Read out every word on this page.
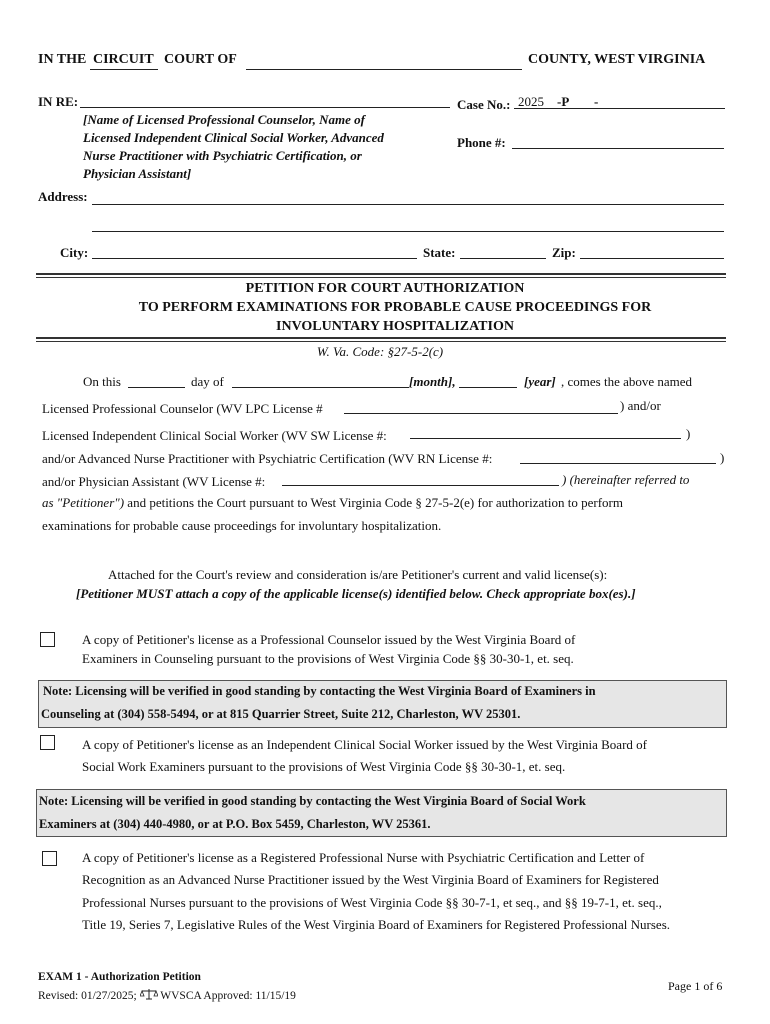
IN THE CIRCUIT COURT OF	COUNTY, WEST VIRGINIA
IN RE:
[Name of Licensed Professional Counselor, Name of
Licensed Independent Clinical Social Worker, Advanced
Nurse Practitioner with Psychiatric Certification, or
Physician Assistant]
Case No.: 2025 -P -
Phone #:
Address:
City:	State:	Zip:
PETITION FOR COURT AUTHORIZATION
TO PERFORM EXAMINATIONS FOR PROBABLE CAUSE PROCEEDINGS FOR
INVOLUNTARY HOSPITALIZATION
W. Va. Code: §27-5-2(c)
On this	day of	[month],	[year] , comes the above named
Licensed Professional Counselor (WV LPC License #	) and/or
Licensed Independent Clinical Social Worker (WV SW License #:	)
and/or Advanced Nurse Practitioner with Psychiatric Certification (WV RN License #:	)
and/or Physician Assistant (WV License #:	) (hereinafter referred to
as "Petitioner") and petitions the Court pursuant to West Virginia Code § 27-5-2(e) for authorization to perform
examinations for probable cause proceedings for involuntary hospitalization.
Attached for the Court's review and consideration is/are Petitioner's current and valid license(s):
[Petitioner MUST attach a copy of the applicable license(s) identified below. Check appropriate box(es).]
A copy of Petitioner's license as a Professional Counselor issued by the West Virginia Board of
Examiners in Counseling pursuant to the provisions of West Virginia Code §§ 30-30-1, et. seq.
Note: Licensing will be verified in good standing by contacting the West Virginia Board of Examiners in
Counseling at (304) 558-5494, or at 815 Quarrier Street, Suite 212, Charleston, WV 25301.
A copy of Petitioner's license as an Independent Clinical Social Worker issued by the West Virginia Board of
Social Work Examiners pursuant to the provisions of West Virginia Code §§ 30-30-1, et. seq.
Note: Licensing will be verified in good standing by contacting the West Virginia Board of Social Work
Examiners at (304) 440-4980, or at P.O. Box 5459, Charleston, WV 25361.
A copy of Petitioner's license as a Registered Professional Nurse with Psychiatric Certification and Letter of
Recognition as an Advanced Nurse Practitioner issued by the West Virginia Board of Examiners for Registered
Professional Nurses pursuant to the provisions of West Virginia Code §§ 30-7-1, et seq., and §§ 19-7-1, et. seq.,
Title 19, Series 7, Legislative Rules of the West Virginia Board of Examiners for Registered Professional Nurses.
EXAM 1 - Authorization Petition
Revised: 01/27/2025; WVSCA Approved: 11/15/19
Page 1 of 6
